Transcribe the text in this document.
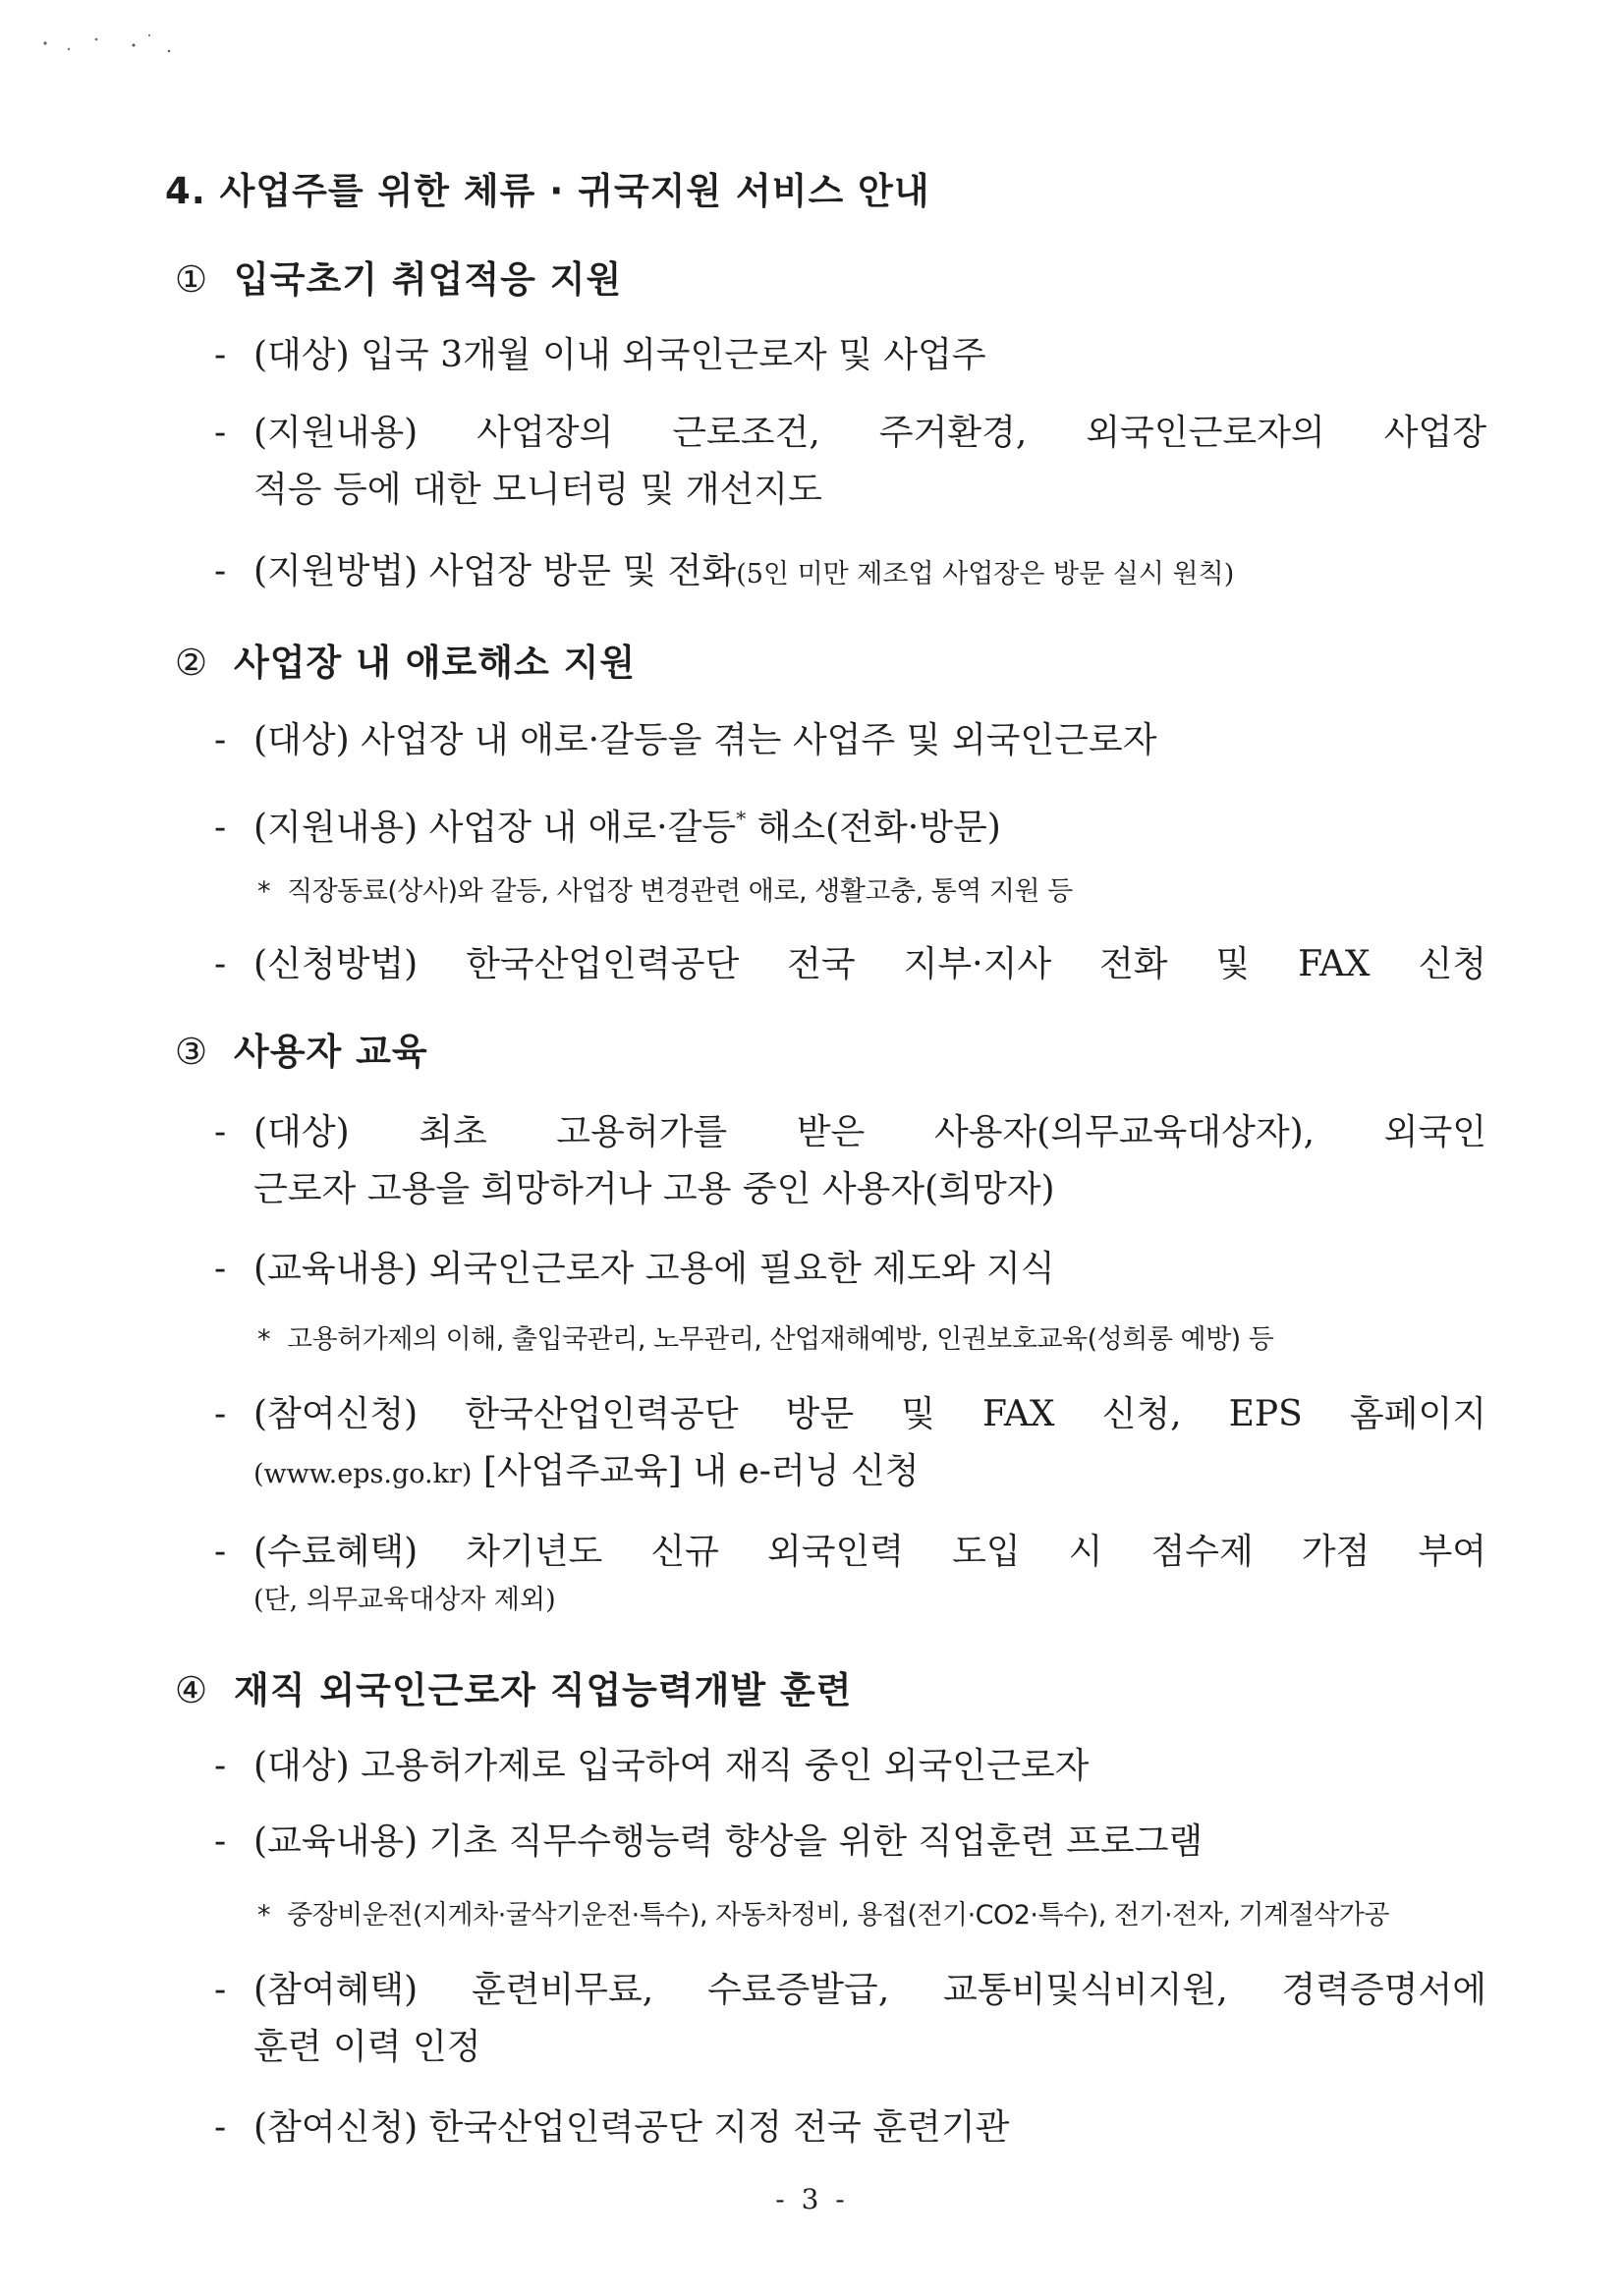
4. 사업주를 위한 체류 · 귀국지원 서비스 안내
① 입국초기 취업적응 지원
- (대상) 입국 3개월 이내 외국인근로자 및 사업주
- (지원내용) 사업장의 근로조건, 주거환경, 외국인근로자의 사업장
적응 등에 대한 모니터링 및 개선지도
- (지원방법) 사업장 방문 및 전화(5인 미만 제조업 사업장은 방문 실시 원칙)
② 사업장 내 애로해소 지원
- (대상) 사업장 내 애로·갈등을 겪는 사업주 및 외국인근로자
- (지원내용) 사업장 내 애로·갈등* 해소(전화·방문)
* 직장동료(상사)와 갈등, 사업장 변경관련 애로, 생활고충, 통역 지원 등
- (신청방법) 한국산업인력공단 전국 지부·지사 전화 및 FAX 신청
③ 사용자 교육
- (대상) 최초 고용허가를 받은 사용자(의무교육대상자), 외국인
근로자 고용을 희망하거나 고용 중인 사용자(희망자)
- (교육내용) 외국인근로자 고용에 필요한 제도와 지식
* 고용허가제의 이해, 출입국관리, 노무관리, 산업재해예방, 인권보호교육(성희롱 예방) 등
- (참여신청) 한국산업인력공단 방문 및 FAX 신청, EPS 홈페이지
(www.eps.go.kr) [사업주교육] 내 e-러닝 신청
- (수료혜택) 차기년도 신규 외국인력 도입 시 점수제 가점 부여
(단, 의무교육대상자 제외)
④ 재직 외국인근로자 직업능력개발 훈련
- (대상) 고용허가제로 입국하여 재직 중인 외국인근로자
- (교육내용) 기초 직무수행능력 향상을 위한 직업훈련 프로그램
* 중장비운전(지게차·굴삭기운전·특수), 자동차정비, 용접(전기·CO2·특수), 전기·전자, 기계절삭가공
- (참여혜택) 훈련비무료, 수료증발급, 교통비및식비지원, 경력증명서에
훈련 이력 인정
- (참여신청) 한국산업인력공단 지정 전국 훈련기관
- 3 -
